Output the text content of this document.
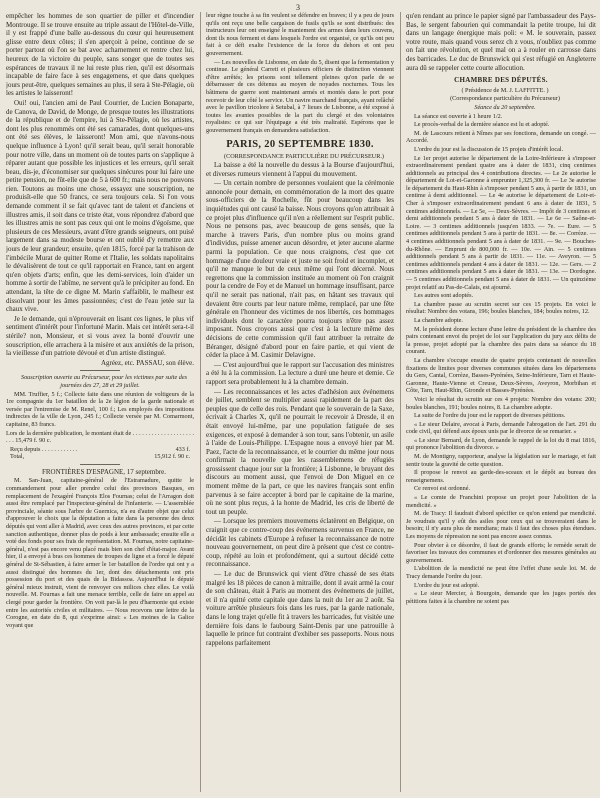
3

empêcher les hommes de son quartier de piller et d'incendier Montrouge. Il se trouve ensuite au triple assaut de l'Hôtel-de-Ville, il y est frappé d'une balle au-dessous du cœur qui heureusement glisse entre deux côtes; il s'en aperçoit à peine, continue de se porter partout où l'on se bat avec acharnement et rentre chez lui, heureux de la victoire du peuple, sans songer que de toutes ses espérances de travaux il ne lui reste plus rien, qu'il est désormais incapable de faire face à ses engagemens, et que dans quelques jours peut-être, quelques semaines au plus, il sera à Ste-Pélagie, où les artistes le laisseront!

Oui! oui, l'ancien ami de Paul Courrier, de Lucien Bonaparte, de Canova, de David, de Monge, de presque toutes les illustrations de la république et de l'empire, lui à Ste-Pélagie, où les artistes, dont les plus renommés ont été ses camarades, dont quelques-uns ont été ses élèves, le laisseront! Mon ami, que n'avons-nous quelque influence à Lyon! qu'il serait beau, qu'il serait honorable pour notre ville, dans un moment où de toutes parts on s'applique à réparer autant que possible les injustices et les erreurs, qu'il serait beau, dis-je, d'économiser sur quelques sinécures pour lui faire une petite pension, ne fût-elle que de 5 à 600 fr.; mais nous ne pouvons rien. Toutons au moins une chose, essayez une souscription, ne produisît-elle que 50 francs, ce sera toujours cela. Si l'on vous demande comment il se fait qu'avec tant de talent et d'anciens et illustres amis, il soit dans ce triste état, vous répondrez d'abord que les illustres amis ne sont pas ceux qui ont le moins d'égoïsme, que plusieurs de ces Messieurs, avant d'être grands seigneurs, ont puisé largement dans sa modeste bourse et ont oublié d'y remettre aux jours de leur grandeur; ensuite, qu'en 1815, forcé par la trahison de l'imbécile Murat de quitter Rome et l'Italie, les soldats napolitains le dévalisèrent de tout ce qu'il rapportait en France, tant en argent qu'en objets d'arts; enfin, que les demi-services, loin d'aider un homme à sortir de l'abîme, ne servent qu'à le précipiter au fond. En attendant, la tête de ce digne M. Marin s'affaiblit, le malheur est dissolvant pour les âmes passionnées; c'est de l'eau jetée sur la chaux vive.

Je le demande, qui n'éprouverait en lisant ces lignes, le plus vif sentiment d'intérêt pour l'infortuné Marin. Mais cet intérêt sera-t-il stérile? non, Monsieur, et si vous avez la bonté d'ouvrir une souscription, elle arrachera à la misère et aux anxiétés de la prison, la vieillesse d'un patriote dévoué et d'un artiste distingué.

Agréez, etc. PASSAU, son élève.

Souscription ouverte au Précurseur, pour les victimes par suite des journées des 27, 28 et 29 juillet.

MM. Truffier, 5 f.; Collecte faite dans une réunion de voltigeurs de la 1re compagnie du 1er bataillon de la 2e légion de la garde nationale et versée par l'entremise de M. Renel, 100 f.; Les employés des impositions indirectes de la ville de Lyon, 245 f.; Collecte versée par M. Comarmont, capitaine, 83 francs.

Lors de la dernière publication, le montant était de . . . . . . . . . . . . . . . . . . . . . . . 15,479 f. 90 c.

Reçu depuis . . . . . . . . . . . .	433 f.
Total,	15,912 f. 90 c.

FRONTIÈRES D'ESPAGNE, 17 septembre.

M. San-Juan, capitaine-général de l'Estramadure, quitte le commandement pour aller prendre celui des provinces Basques, en remplacement de l'exagéré François Elos Fournas; celui de l'Arragon doit aussi être remplacé par l'inspecteur-général de l'infanterie. — L'assemblée provinciale, séante sous l'arbre de Guernica, n'a eu d'autre objet que celui d'approuver le choix que la députation a faite dans la personne des deux députés qui vont aller à Madrid, avec ceux des autres provinces, et par cette sanction authentique, donner plus de poids à leur ambassade; ensuite elle a voté des fonds pour ses frais de représentation. M. Fournas, notre capitaine-général, n'est pas encore venu placé mais bien son chef d'état-major. Avant hier, il a envoyé à bras ces hommes de troupes de ligne et a forcé le député général de St-Sébastien, à faire armer le 1er bataillon de l'ordre qui ont y a aussi distingué des hommes du 1er, dont des détachements ont pris possession du port et des quais de la Bidassoa. Aujourd'hui le député général mieux instruit, vient de renvoyer ces milices chez elles. Le voilà nouvelle. M. Fournas a fait une menace terrible, celle de faire un appel au clergé pour garder la frontière. On voit par-là le peu d'harmonie qui existe entre les autorités civiles et militaires. — Nous recevons une lettre de la Corogne, en date du 8, qui s'exprime ainsi: « Les moines de la Galice voyant que

leur règne touche à sa fin veulent se défendre en braves; il y a peu de jours qu'ils ont reçu une belle cargaison de fusils qu'ils se sont distribués: des instructeurs leur ont enseigné le maniement des armes dans leurs couvens, dont ils nous ferment et dans lesquels l'ordre est organisé, ce qu'ils ont peu fait à ce défi exalte l'existence de la force du dehors et ont peu gouvernement.

— Les nouvelles de Lisbonne, en date du 5, disent que la fermentation y continue. Le général Carreti et plusieurs officiers de distinction viennent d'être arrêtés; les prisons sont tellement pleines qu'on parle de se débarrasser de ces détenus au moyen de noyades nocturnes. Tous les bâtimens de guerre sont maintenant armés et montés dans le port pour recevoir de leur côté le service. Un navire marchand français, ayant relâché avec le pavillon tricolore à Setubal, à 7 lieues de Lisbonne, a été exposé à toutes les avanies possibles de la part du clergé et des volontaires royalistes: ce qui sur l'équipage a été très maltraité. Espérons que le gouvernement français en demandera satisfaction.

PARIS, 20 SEPTEMBRE 1830.

(CORRESPONDANCE PARTICULIÈRE DU PRÉCURSEUR.)

La baisse a été la nouvelle du dessus à la Bourse d'aujourd'hui, et diverses rumeurs viennent à l'appui du mouvement.

— Un certain nombre de personnes voulaient que la cérémonie annoncée pour demain, en commémoration de la mort des quatre sous-officiers de la Rochelle, fût pour beaucoup dans les inquiétudes qui ont causé la baisse. Nous croyons qu'on attribuait à ce projet plus d'influence qu'il n'en a réellement sur l'esprit public. Nous ne pensons pas, avec beaucoup de gens sensés, que la marche à travers Paris, d'un nombre plus ou moins grand d'individus, puisse amener aucun désordre, et jeter aucune alarme parmi la population. Ce que nous craignons, c'est que cet hommage d'une douleur vraie et juste ne soit froid et incomplet, et qu'il ne manque le but de ceux même qui l'ont décerné. Nous regrettons que la commission instituée au moment où l'on craignit pour la cendre de Foy et de Manuel un hommage insuffisant, parce qu'il ne serait pas national, n'ait pas, en hâtant ses travaux qui devaient être courts par leur nature même, remplacé, par une fête générale en l'honneur des victimes de nos libertés, ces hommages individuels dont le caractère pourra toujours n'être pas assez imposant. Nous croyons aussi que c'est à la lecture même des décisions de cette commission qu'il faut attribuer la retraite de Béranger, désigné d'abord pour en faire partie, et qui vient de céder la place à M. Casimir Delavigne.

— C'est aujourd'hui que le rapport sur l'accusation des ministres a été lu à la commission. La lecture a duré une heure et demie. Ce rapport sera probablement lu à la chambre demain.

— Les reconnaissances et les actes d'adhésion aux événemens de juillet, semblent se multiplier aussi rapidement de la part des peuples que de celle des rois. Pendant que le souverain de la Saxe, écrivait à Charles X, qu'il ne pourrait le recevoir à Dresde, il en était envoyé lui-même, par une population fatiguée de ses exigences, et exposé à demander à son tour, sans l'obtenir, un asile à l'aide de Louis-Philippe. L'Espagne nous a envoyé hier par M. Paez, l'acte de la reconnaissance, et le courrier du même jour nous confirmait la nouvelle que les rassemblemens de réfugiés grossissent chaque jour sur la frontière; à Lisbonne, le bruyant des discours au moment aussi, que l'envoi de Don Miguel en ce moment même de la part, ce que les navires français sont enfin parvenus à se faire accepter à bord par le capitaine de la marine, où ne sont plus reçus, à la honte de Madrid, les cris de liberté de tout un peuple.

— Lorsque les premiers mouvemens éclatèrent en Belgique, on craignit que ce contre-coup des événemens survenus en France, ne décidât les cabinets d'Europe à refuser la reconnaissance de notre nouveau gouvernement, on peut dire à présent que c'est ce contre-coup, répété au loin et profondément, qui a surtout décidé cette reconnaissance.

— Le duc de Brunswick qui vient d'être chassé de ses états malgré les 18 pièces de canon à mitraille, dont il avait armé la cour de son château, était à Paris au moment des événemens de juillet, et il n'a quitté cette capitale que dans la nuit du 1er au 2 août. Sa voiture arrêtée plusieurs fois dans les rues, par la garde nationale, dans le long trajet qu'elle fit à travers les barricades, fut visitée une dernière fois dans le faubourg Saint-Denis par une patrouille à laquelle le prince fut contraint d'exhiber ses passeports. Nous nous rappelons parfaitement

qu'en rendant au prince le papier signé par l'ambassadeur des Pays-Bas, le sergent fabourien qui commandait la petite troupe, lui dit dans un langage énergique mais poli: « M. le souverain, passez votre route, mais quand vous serez ch z vous, n'oubliez pas comme on fait une révolution, et quel mal on a à rouler en carrosse dans des barricades. Le duc de Brunswick qui s'est réfugié en Angleterre aura dû se rappeler cette courte allocution.

CHAMBRE DES DÉPUTÉS.

( Présidence de M. J. LAFFITTE. )

(Correspondance particulière du Précurseur)

Séance du 20 septembre.

La séance est ouverte à 1 heure 1/2.

Le procès-verbal de la dernière séance est lu et adopté.

M. de Lascours retient à Nîmes par ses fonctions, demande un congé. — Accordé.

L'ordre du jour est la discussion de 15 projets d'intérêt local.

Le 1er projet autorise le département de la Loire-Inférieure à s'imposer extraordinairement pendant quatre ans à dater de 1831, cinq centimes additionnels au principal des 4 contributions directes. — Le 2e autorise le département de Lot-et-Garonne à emprunter 1,325,300 fr. — Le 3e autorise le département du Haut-Rhin à s'imposer pendant 5 ans, à partir de 1831, un centime à demi additionnel. — Le 4e autorise le département de Loir-et-Cher à s'imposer extraordinairement pendant 6 ans à dater de 1831, 5 centimes additionnels. — Le 5e, — Deux-Sèvres. — Impôt de 3 centimes et demi additionnels pendant 5 ans à dater de 1831. — Le 6e — Saône-et-Loire. — 3 centimes additionnels jusqu'en 1833. — 7e. — Eure. — 5 centimes additionnels pendant 5 ans à partir de 1831. — 8e. — Corrèze. — 4 centimes additionnels pendant 5 ans à dater de 1831. — 9e. — Bouches-du-Rhône. — Emprunt de 800,000 fr. — 10e. — Ain. — 5 centimes additionnels pendant 5 ans à partir de 1831. — 11e. — Aveyron. — 5 centimes additionnels pendant 4 ans à dater de 1831. — 12e. — Gers. — 2 centimes additionnels pendant 5 ans à dater de 1831. — 13e. — Dordogne. — 5 centimes additionnels pendant 5 ans à dater de 1831. — Un quinzième projet relatif au Pas-de-Calais, est ajourné.

Les autres sont adoptés.

La chambre passe au scrutin secret sur ces 15 projets. En voici le résultat: Nombre des votans, 196; boules blanches, 184; boules noires, 12.

La chambre adopte.

M. le président donne lecture d'une lettre du président de la chambre des pairs contenant envoi du projet de loi sur l'application du jury aux délits de la presse, projet adopté par la chambre des pairs dans sa séance du 18 courant.

La chambre s'occupe ensuite de quatre projets contenant de nouvelles fixations de limites pour diverses communes situées dans les départemens du Gers, Cantal, Corrèze, Basses-Pyrénées, Seine-Inférieure, Tarn et Haute-Garonne, Haute-Vienne et Creuse, Deux-Sèvres, Aveyron, Morbihan et Côte, Tarn, Haut-Rhin, Gironde et Basses-Pyrénées.

Voici le résultat du scrutin sur ces 4 projets: Nombre des votans: 200; boules blanches, 191; boules noires, 8. La chambre adopte.

La suite de l'ordre du jour est le rapport de diverses pétitions.

« Le sieur Delaire, avocat à Paris, demande l'abrogation de l'art. 291 du code civil, qui défend aux époux unis par le divorce de se remarier. »

« Le sieur Bernard, de Lyon, demande le rappel de la loi du 8 mai 1816, qui prononce l'abolition du divorce. »

M. de Montigny, rapporteur, analyse la législation sur le mariage, et fait sentir toute la gravité de cette question.

Il propose le renvoi au garde-des-sceaux et le dépôt au bureau des renseignemens.

Ce renvoi est ordonné.

« Le comte de Franchini propose un projet pour l'abolition de la mendicité. »

M. de Tracy: Il faudrait d'abord spécifier ce qu'on entend par mendicité. Je voudrais qu'il y eût des asiles pour ceux qui se trouveraient dans le besoin; il n'y aura plus de mendians; mais il faut des choses plus étendues. Les moyens de répression ne sont pas encore assez connus.

Pour obvier à ce désordre, il faut de grands efforts; le remède serait de favoriser les travaux des communes et d'ordonner des mesures générales au gouvernement.

L'abolition de la mendicité ne peut être l'effet d'une seule loi. M. de Tracy demande l'ordre du jour.

L'ordre du jour est adopté.

« Le sieur Mercier, à Bourgoin, demande que les juges portés des pétitions faites à la chambre ne soient pas
